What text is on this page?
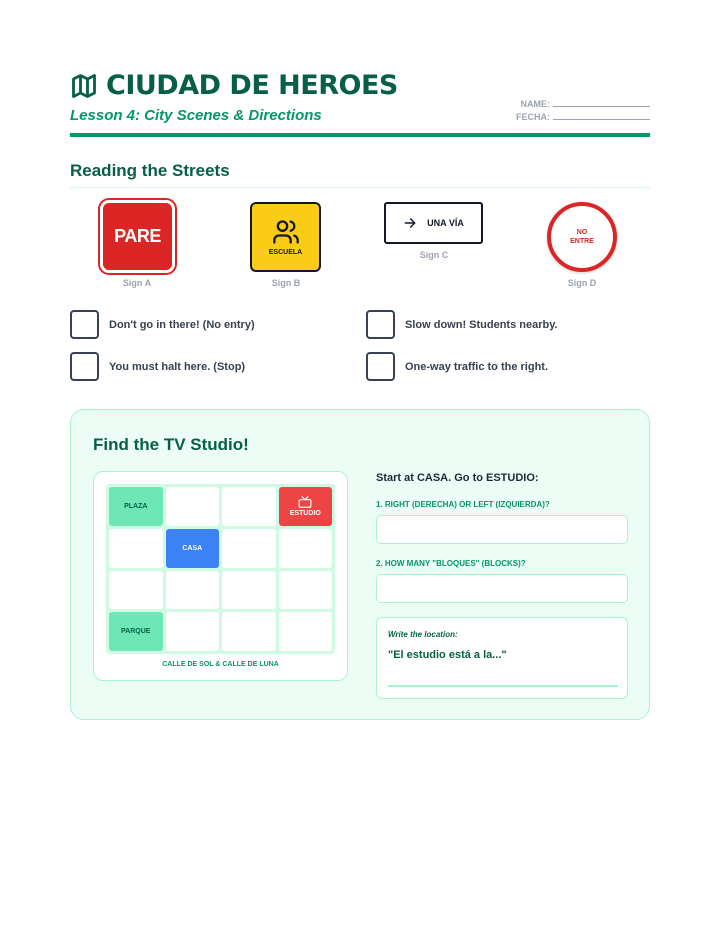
CIUDAD DE HEROES
Lesson 4: City Scenes & Directions
NAME:
FECHA:
Reading the Streets
PARE
Sign A
ESCUELA
Sign B
UNA VÍA
Sign C
NO
ENTRE
Sign D
Don't go in there! (No entry)	Slow down! Students nearby.
You must halt here. (Stop)	One-way traffic to the right.
Find the TV Studio!
PLAZA
ESTUDIO
CASA
PARQUE
CALLE DE SOL & CALLE DE LUNA
Start at CASA. Go to ESTUDIO:
1. RIGHT (DERECHA) OR LEFT (IZQUIERDA)?
2. HOW MANY "BLOQUES" (BLOCKS)?
Write the location:
"El estudio está a la..."
